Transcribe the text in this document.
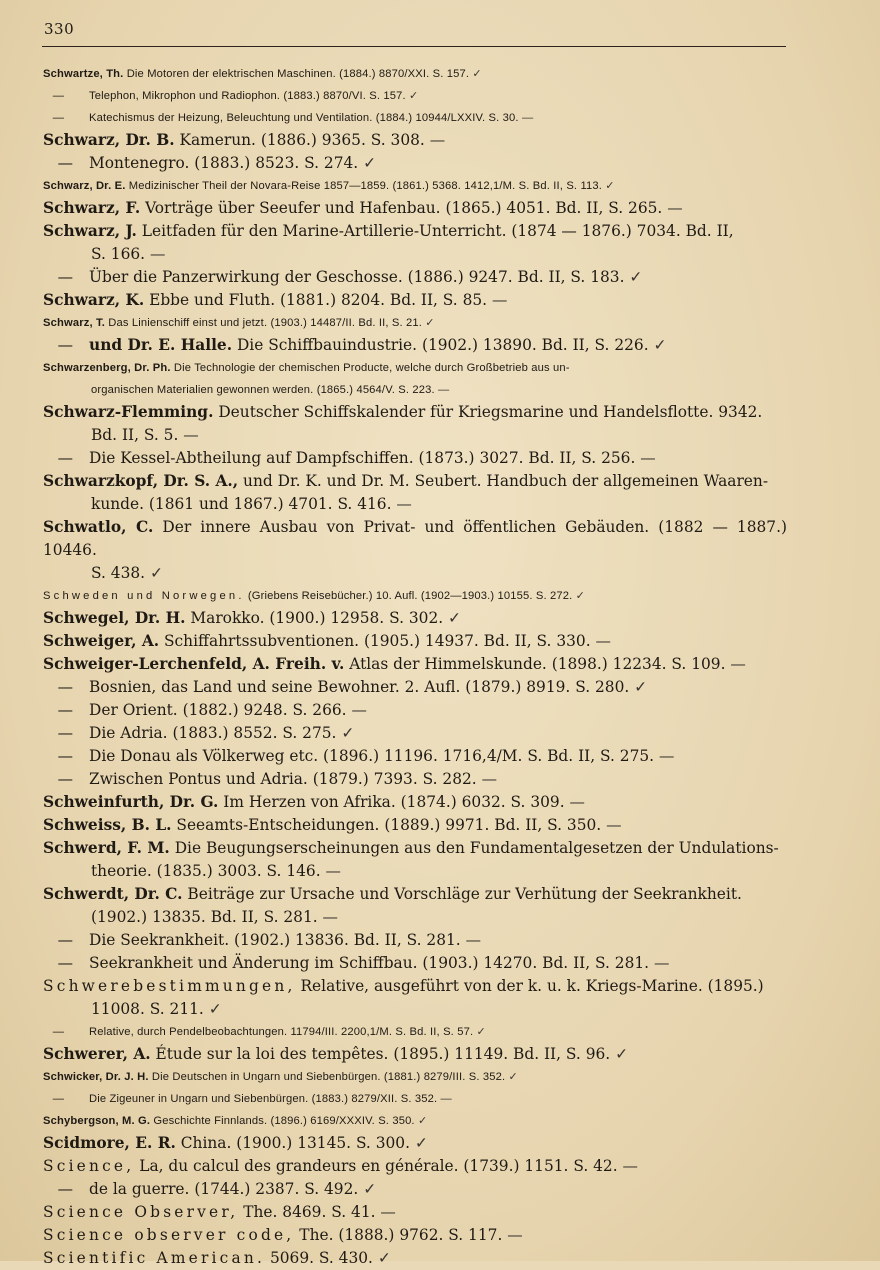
330
Schwartze, Th. Die Motoren der elektrischen Maschinen. (1884.) 8870/XXI. S. 157. ✓
—  Telephon, Mikrophon und Radiophon. (1883.) 8870/VI. S. 157. ✓
—  Katechismus der Heizung, Beleuchtung und Ventilation. (1884.) 10944/LXXIV. S. 30. —
Schwarz, Dr. B. Kamerun. (1886.) 9365. S. 308. —
—  Montenegro. (1883.) 8523. S. 274. ✓
Schwarz, Dr. E. Medizinischer Theil der Novara-Reise 1857—1859. (1861.) 5368. 1412,1/M. S. Bd. II, S. 113. ✓
Schwarz, F. Vorträge über Seeufer und Hafenbau. (1865.) 4051. Bd. II, S. 265. —
Schwarz, J. Leitfaden für den Marine-Artillerie-Unterricht. (1874 — 1876.) 7034. Bd. II,
S. 166. —
—  Über die Panzerwirkung der Geschosse. (1886.) 9247. Bd. II, S. 183. ✓
Schwarz, K. Ebbe und Fluth. (1881.) 8204. Bd. II, S. 85. —
Schwarz, T. Das Linienschiff einst und jetzt. (1903.) 14487/II. Bd. II, S. 21. ✓
—  und Dr. E. Halle. Die Schiffbauindustrie. (1902.) 13890. Bd. II, S. 226. ✓
Schwarzenberg, Dr. Ph. Die Technologie der chemischen Producte, welche durch Großbetrieb aus un-
organischen Materialien gewonnen werden. (1865.) 4564/V. S. 223. —
Schwarz-Flemming. Deutscher Schiffskalender für Kriegsmarine und Handelsflotte. 9342.
Bd. II, S. 5. —
—  Die Kessel-Abtheilung auf Dampfschiffen. (1873.) 3027. Bd. II, S. 256. —
Schwarzkopf, Dr. S. A., und Dr. K. und Dr. M. Seubert. Handbuch der allgemeinen Waaren-
kunde. (1861 und 1867.) 4701. S. 416. —
Schwatlo, C. Der innere Ausbau von Privat- und öffentlichen Gebäuden. (1882 — 1887.) 10446.
S. 438. ✓
Schweden und Norwegen. (Griebens Reisebücher.) 10. Aufl. (1902—1903.) 10155. S. 272. ✓
Schwegel, Dr. H. Marokko. (1900.) 12958. S. 302. ✓
Schweiger, A. Schiffahrtssubventionen. (1905.) 14937. Bd. II, S. 330. —
Schweiger-Lerchenfeld, A. Freih. v. Atlas der Himmelskunde. (1898.) 12234. S. 109. —
—  Bosnien, das Land und seine Bewohner. 2. Aufl. (1879.) 8919. S. 280. ✓
—  Der Orient. (1882.) 9248. S. 266. —
—  Die Adria. (1883.) 8552. S. 275. ✓
—  Die Donau als Völkerweg etc. (1896.) 11196. 1716,4/M. S. Bd. II, S. 275. —
—  Zwischen Pontus und Adria. (1879.) 7393. S. 282. —
Schweinfurth, Dr. G. Im Herzen von Afrika. (1874.) 6032. S. 309. —
Schweiss, B. L. Seeamts-Entscheidungen. (1889.) 9971. Bd. II, S. 350. —
Schwerd, F. M. Die Beugungserscheinungen aus den Fundamentalgesetzen der Undulations-
theorie. (1835.) 3003. S. 146. —
Schwerdt, Dr. C. Beiträge zur Ursache und Vorschläge zur Verhütung der Seekrankheit.
(1902.) 13835. Bd. II, S. 281. —
—  Die Seekrankheit. (1902.) 13836. Bd. II, S. 281. —
—  Seekrankheit und Änderung im Schiffbau. (1903.) 14270. Bd. II, S. 281. —
Schwerebestimmungen, Relative, ausgeführt von der k. u. k. Kriegs-Marine. (1895.)
11008. S. 211. ✓
—  Relative, durch Pendelbeobachtungen. 11794/III. 2200,1/M. S. Bd. II, S. 57. ✓
Schwerer, A. Étude sur la loi des tempêtes. (1895.) 11149. Bd. II, S. 96. ✓
Schwicker, Dr. J. H. Die Deutschen in Ungarn und Siebenbürgen. (1881.) 8279/III. S. 352. ✓
—  Die Zigeuner in Ungarn und Siebenbürgen. (1883.) 8279/XII. S. 352. —
Schybergson, M. G. Geschichte Finnlands. (1896.) 6169/XXXIV. S. 350. ✓
Scidmore, E. R. China. (1900.) 13145. S. 300. ✓
Science, La, du calcul des grandeurs en générale. (1739.) 1151. S. 42. —
—  de la guerre. (1744.) 2387. S. 492. ✓
Science Observer, The. 8469. S. 41. —
Science observer code, The. (1888.) 9762. S. 117. —
Scientific American. 5069. S. 430. ✓
